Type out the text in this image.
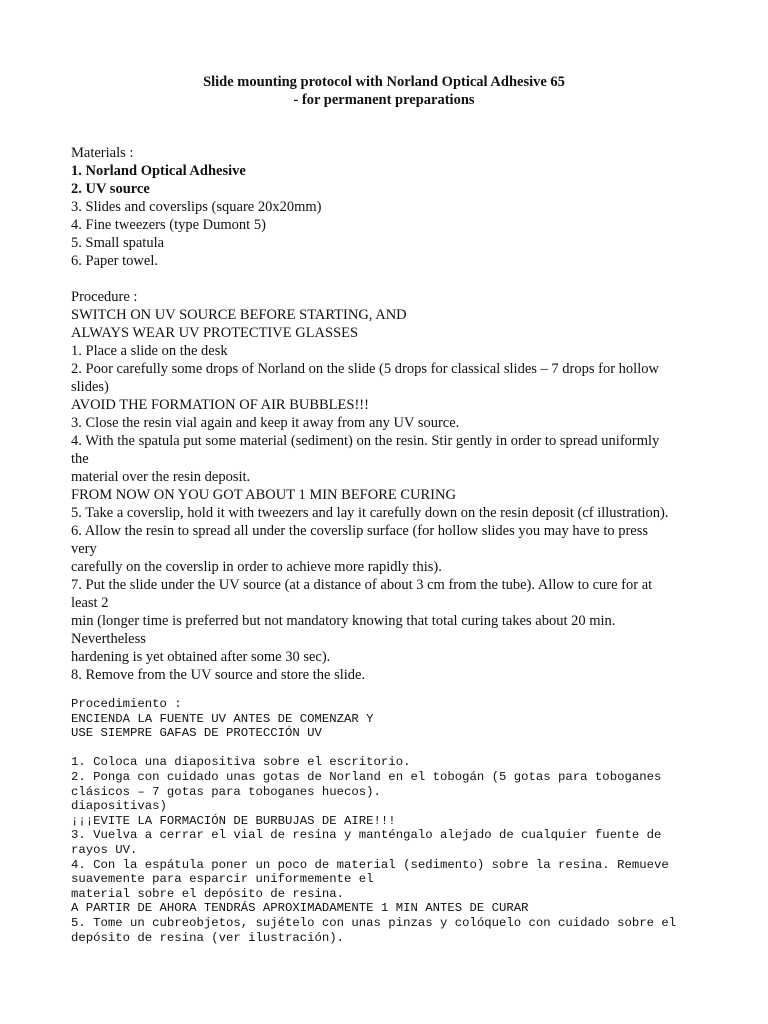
Slide mounting protocol with Norland Optical Adhesive 65
- for permanent preparations
Materials :
1. Norland Optical Adhesive
2. UV source
3. Slides and coverslips (square 20x20mm)
4. Fine tweezers (type Dumont 5)
5. Small spatula
6. Paper towel.
Procedure :
SWITCH ON UV SOURCE BEFORE STARTING, AND
ALWAYS WEAR UV PROTECTIVE GLASSES
1. Place a slide on the desk
2. Poor carefully some drops of Norland on the slide (5 drops for classical slides – 7 drops for hollow
slides)
AVOID THE FORMATION OF AIR BUBBLES!!!
3. Close the resin vial again and keep it away from any UV source.
4. With the spatula put some material (sediment) on the resin. Stir gently in order to spread uniformly
the
material over the resin deposit.
FROM NOW ON YOU GOT ABOUT 1 MIN BEFORE CURING
5. Take a coverslip, hold it with tweezers and lay it carefully down on the resin deposit (cf illustration).
6. Allow the resin to spread all under the coverslip surface (for hollow slides you may have to press
very
carefully on the coverslip in order to achieve more rapidly this).
7. Put the slide under the UV source (at a distance of about 3 cm from the tube). Allow to cure for at
least 2
min (longer time is preferred but not mandatory knowing that total curing takes about 20 min.
Nevertheless
hardening is yet obtained after some 30 sec).
8. Remove from the UV source and store the slide.
Procedimiento :
ENCIENDA LA FUENTE UV ANTES DE COMENZAR Y
USE SIEMPRE GAFAS DE PROTECCIÓN UV
1. Coloca una diapositiva sobre el escritorio.
2. Ponga con cuidado unas gotas de Norland en el tobogán (5 gotas para toboganes
clásicos – 7 gotas para toboganes huecos).
diapositivas)
¡¡¡EVITE LA FORMACIÓN DE BURBUJAS DE AIRE!!!
3. Vuelva a cerrar el vial de resina y manténgalo alejado de cualquier fuente de
rayos UV.
4. Con la espátula poner un poco de material (sedimento) sobre la resina. Remueve
suavemente para esparcir uniformemente el
material sobre el depósito de resina.
A PARTIR DE AHORA TENDRÁS APROXIMADAMENTE 1 MIN ANTES DE CURAR
5. Tome un cubreobjetos, sujételo con unas pinzas y colóquelo con cuidado sobre el
depósito de resina (ver ilustración).
